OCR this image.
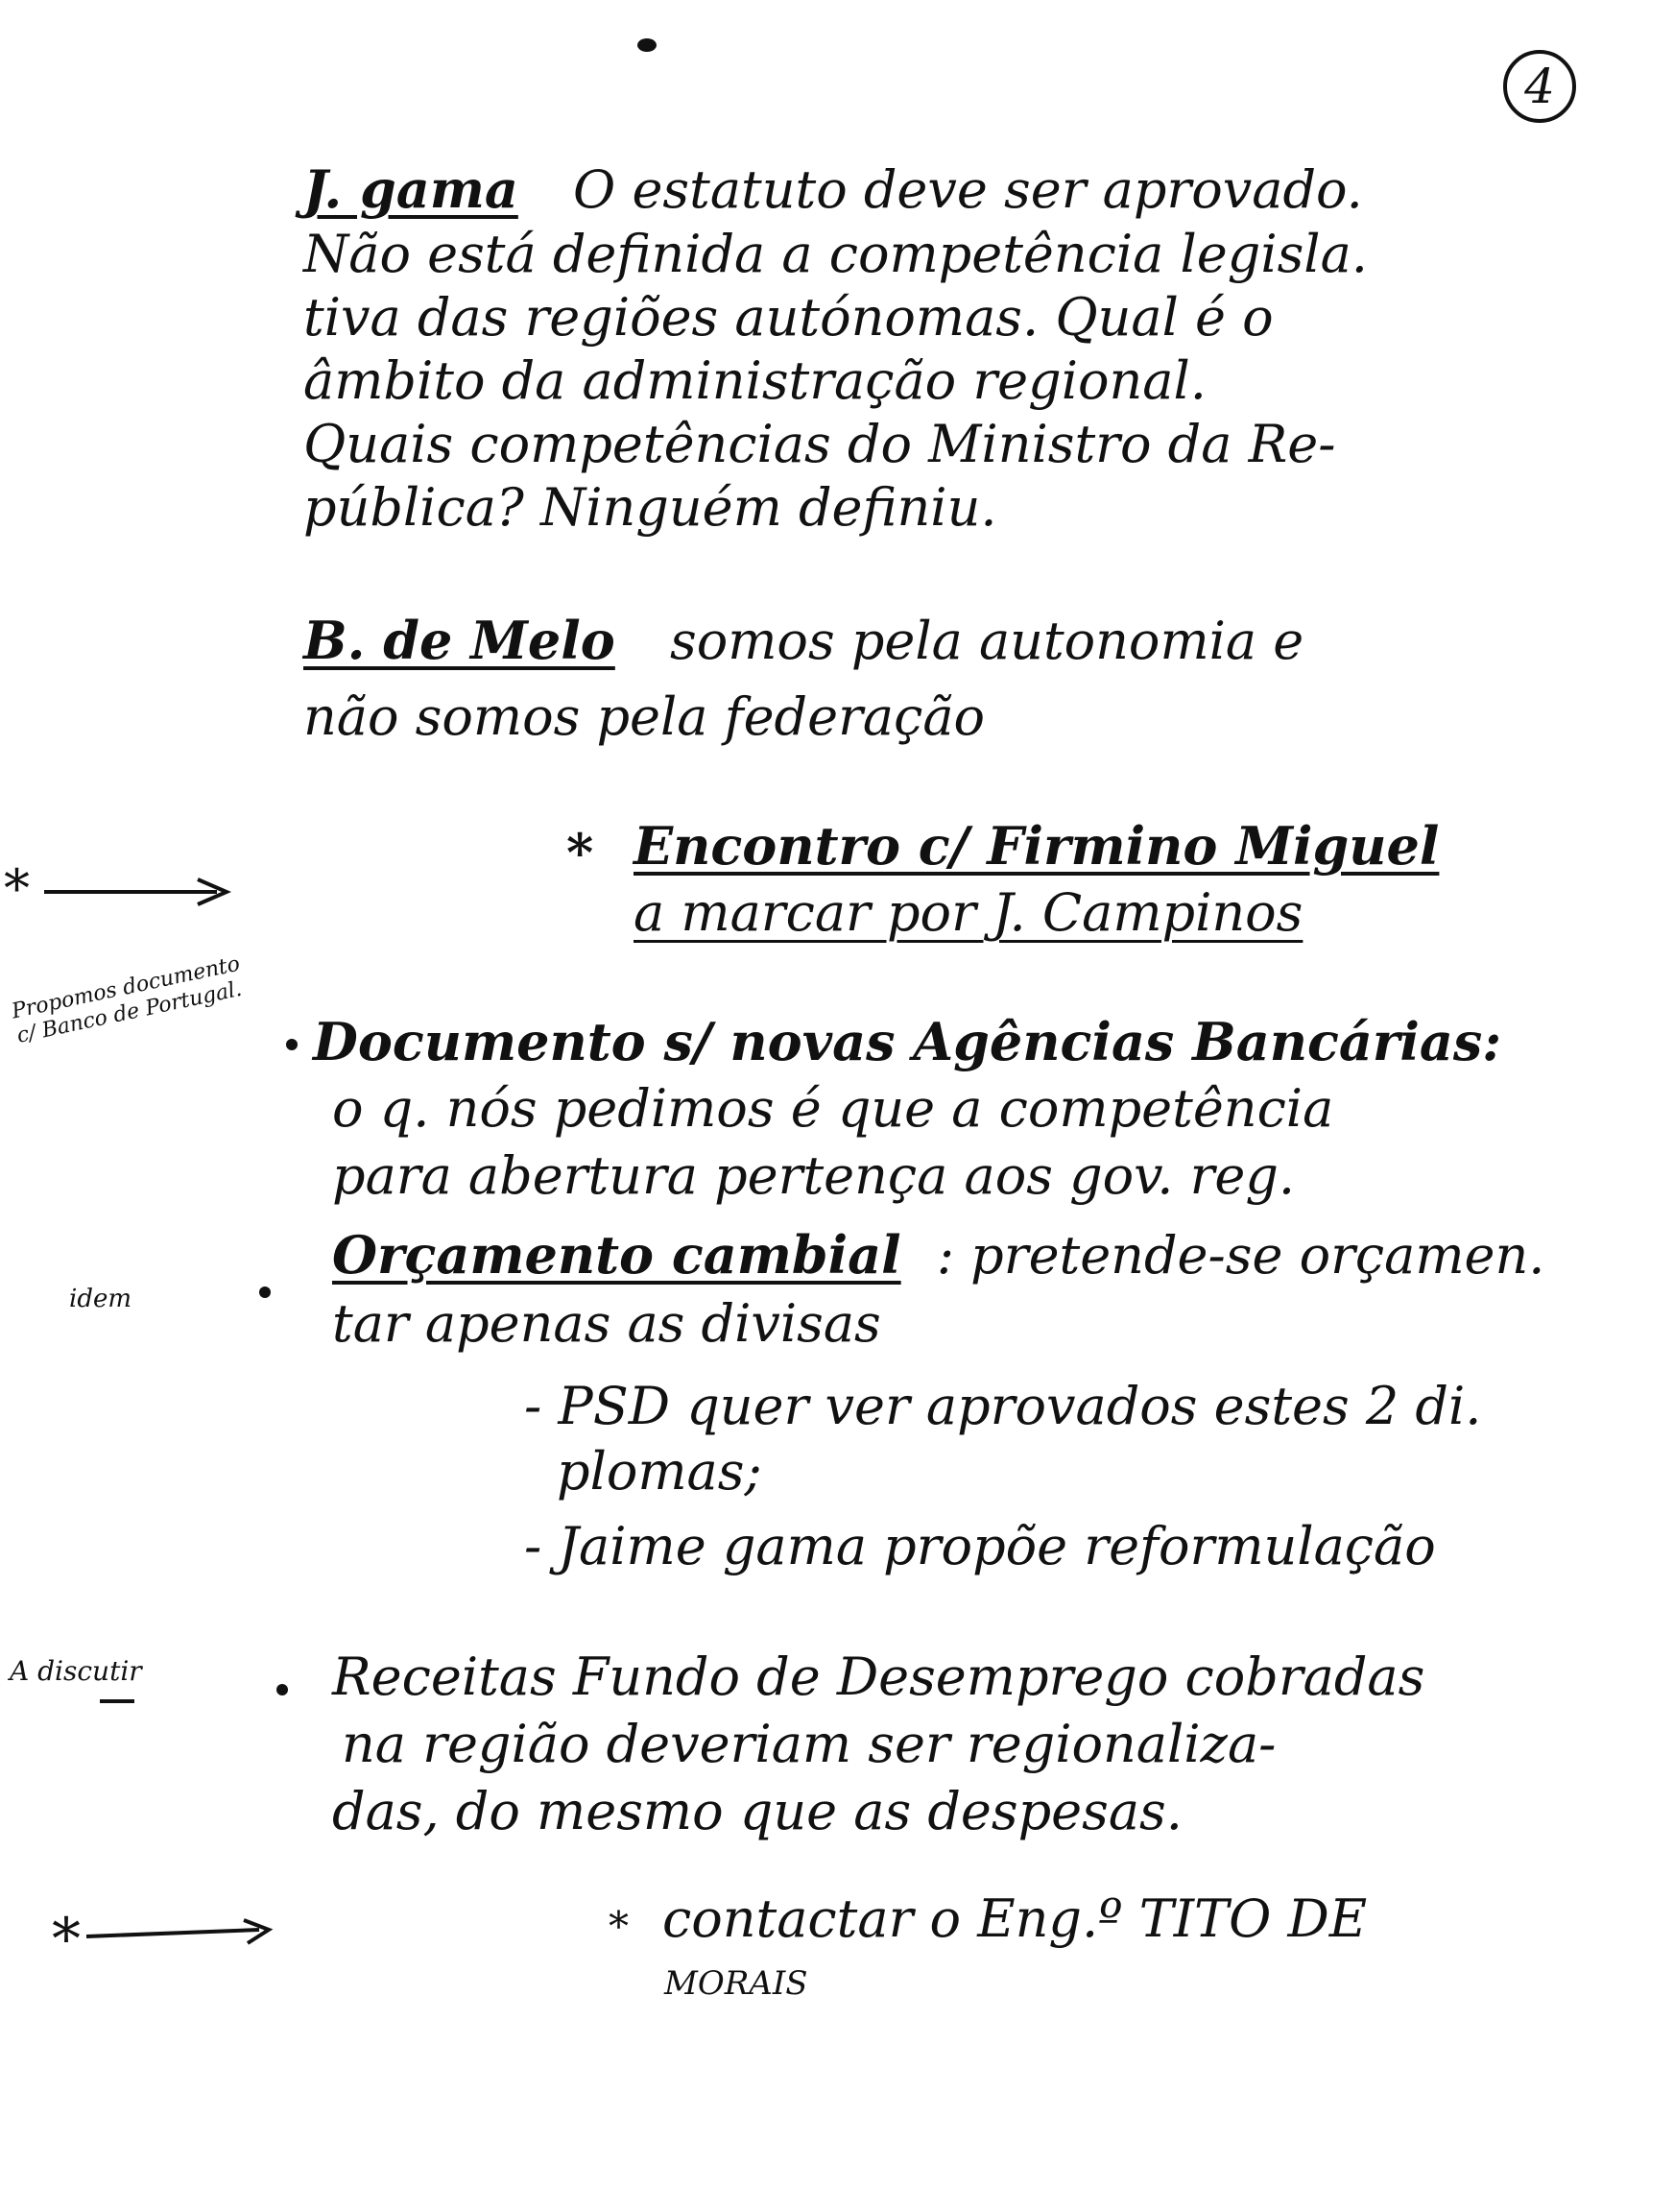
4
J. gama O estatuto deve ser aprovado.
Não está definida a competência legisla.
tiva das regiões autónomas. Qual é o
âmbito da administração regional.
Quais competências do Ministro da Re-
pública? Ninguém definiu.
B. de Melo somos pela autonomia e
não somos pela federação
*
* Encontro c/ Firmino Miguel
a marcar por J. Campinos
Propomos documento c/ Banco de Portugal. Documento s/ novas Agências Bancárias:
o q. nós pedimos é que a competência
para abertura pertença aos gov. reg.
idem
Orçamento cambial : pretende-se orçamen.
tar apenas as divisas
- PSD quer ver aprovados estes 2 di.
plomas;
- Jaime gama propõe reformulação
A discutir	Receitas Fundo de Desemprego cobradas
na região deveriam ser regionaliza-
das, do mesmo que as despesas.
*	* contactar o Eng.º TITO DE
MORAIS
